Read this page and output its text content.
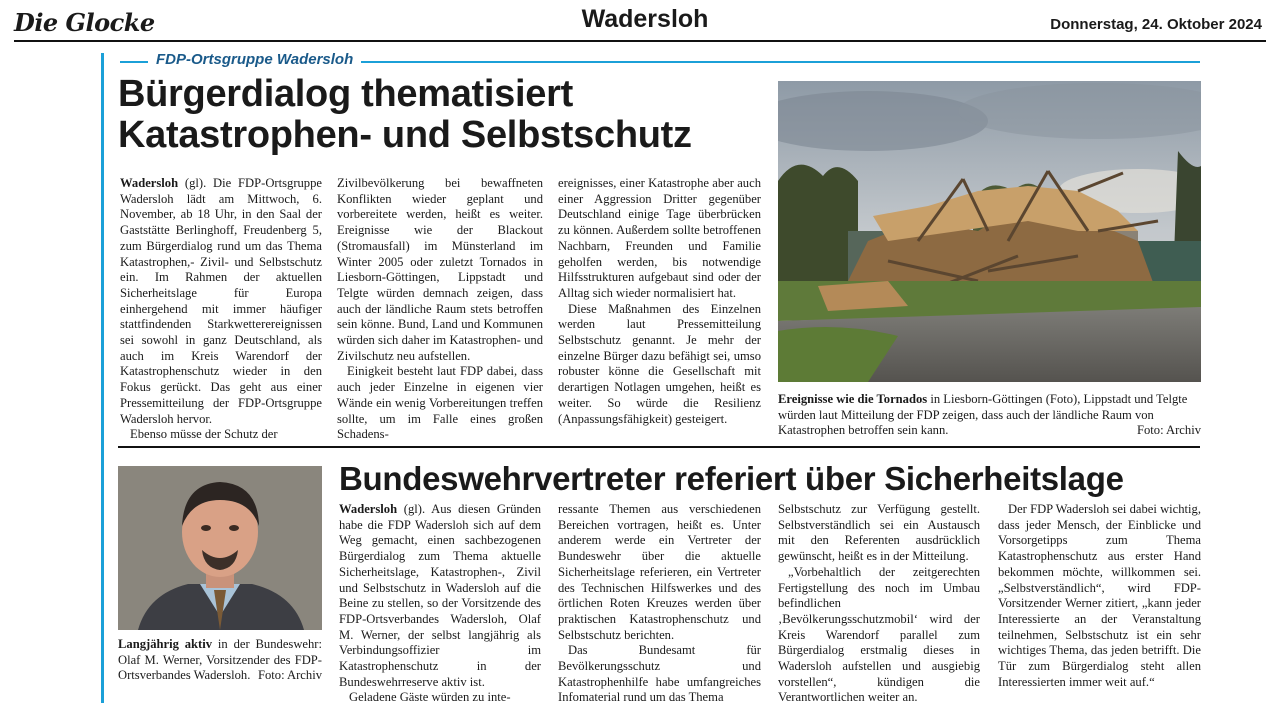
Die Glocke	Wadersloh	Donnerstag, 24. Oktober 2024
FDP-Ortsgruppe Wadersloh
Bürgerdialog thematisiert
Katastrophen- und Selbstschutz

Wadersloh (gl). Die FDP-Ortsgruppe Wadersloh lädt am Mittwoch, 6. November, ab 18 Uhr, in den Saal der Gaststätte Berlinghoff, Freudenberg 5, zum Bürgerdialog rund um das Thema Katastrophen,- Zivil- und Selbstschutz ein. Im Rahmen der aktuellen Sicherheitslage für Europa einhergehend mit immer häufiger stattfindenden Starkwetterereignissen sei sowohl in ganz Deutschland, als auch im Kreis Warendorf der Katastrophenschutz wieder in den Fokus gerückt. Das geht aus einer Pressemitteilung der FDP-Ortsgruppe Wadersloh hervor.

Ebenso müsse der Schutz der

Zivilbevölkerung bei bewaffneten Konflikten wieder geplant und vorbereitete werden, heißt es weiter. Ereignisse wie der Blackout (Stromausfall) im Münsterland im Winter 2005 oder zuletzt Tornados in Liesborn-Göttingen, Lippstadt und Telgte würden demnach zeigen, dass auch der ländliche Raum stets betroffen sein könne. Bund, Land und Kommunen würden sich daher im Katastrophen- und Zivilschutz neu aufstellen.

Einigkeit besteht laut FDP dabei, dass auch jeder Einzelne in eigenen vier Wände ein wenig Vorbereitungen treffen sollte, um im Falle eines großen Schadens-

ereignisses, einer Katastrophe aber auch einer Aggression Dritter gegenüber Deutschland einige Tage überbrücken zu können. Außerdem sollte betroffenen Nachbarn, Freunden und Familie geholfen werden, bis notwendige Hilfsstrukturen aufgebaut sind oder der Alltag sich wieder normalisiert hat.

Diese Maßnahmen des Einzelnen werden laut Pressemitteilung Selbstschutz genannt. Je mehr der einzelne Bürger dazu befähigt sei, umso robuster könne die Gesellschaft mit derartigen Notlagen umgehen, heißt es weiter. So würde die Resilienz (Anpassungsfähigkeit) gesteigert.

Ereignisse wie die Tornados in Liesborn-Göttingen (Foto), Lippstadt und Telgte würden laut Mitteilung der FDP zeigen, dass auch der ländliche Raum von Katastrophen betroffen sein kann.	Foto: Archiv
Langjährig aktiv in der Bundeswehr: Olaf M. Werner, Vorsitzender des FDP-Ortsverbandes Wadersloh. Foto: Archiv
Bundeswehrvertreter referiert über Sicherheitslage

Wadersloh (gl). Aus diesen Gründen habe die FDP Wadersloh sich auf dem Weg gemacht, einen sachbezogenen Bürgerdialog zum Thema aktuelle Sicherheitslage, Katastrophen-, Zivil und Selbstschutz in Wadersloh auf die Beine zu stellen, so der Vorsitzende des FDP-Ortsverbandes Wadersloh, Olaf M. Werner, der selbst langjährig als Verbindungsoffizier im Katastrophenschutz in der Bundeswehrreserve aktiv ist.

Geladene Gäste würden zu inte-

ressante Themen aus verschiedenen Bereichen vortragen, heißt es. Unter anderem werde ein Vertreter der Bundeswehr über die aktuelle Sicherheitslage referieren, ein Vertreter des Technischen Hilfswerkes und des örtlichen Roten Kreuzes werden über praktischen Katastrophenschutz und Selbstschutz berichten.

Das Bundesamt für Bevölkerungsschutz und Katastrophenhilfe habe umfangreiches Infomaterial rund um das Thema

Selbstschutz zur Verfügung gestellt. Selbstverständlich sei ein Austausch mit den Referenten ausdrücklich gewünscht, heißt es in der Mitteilung.

„Vorbehaltlich der zeitgerechten Fertigstellung des noch im Umbau befindlichen ‚Bevölkerungsschutzmobil‘ wird der Kreis Warendorf parallel zum Bürgerdialog erstmalig dieses in Wadersloh aufstellen und ausgiebig vorstellen“, kündigen die Verantwortlichen weiter an.

Der FDP Wadersloh sei dabei wichtig, dass jeder Mensch, der Einblicke und Vorsorgetipps zum Thema Katastrophenschutz aus erster Hand bekommen möchte, willkommen sei. „Selbstverständlich“, wird FDP-Vorsitzender Werner zitiert, „kann jeder Interessierte an der Veranstaltung teilnehmen, Selbstschutz ist ein sehr wichtiges Thema, das jeden betrifft. Die Tür zum Bürgerdialog steht allen Interessierten immer weit auf.“
